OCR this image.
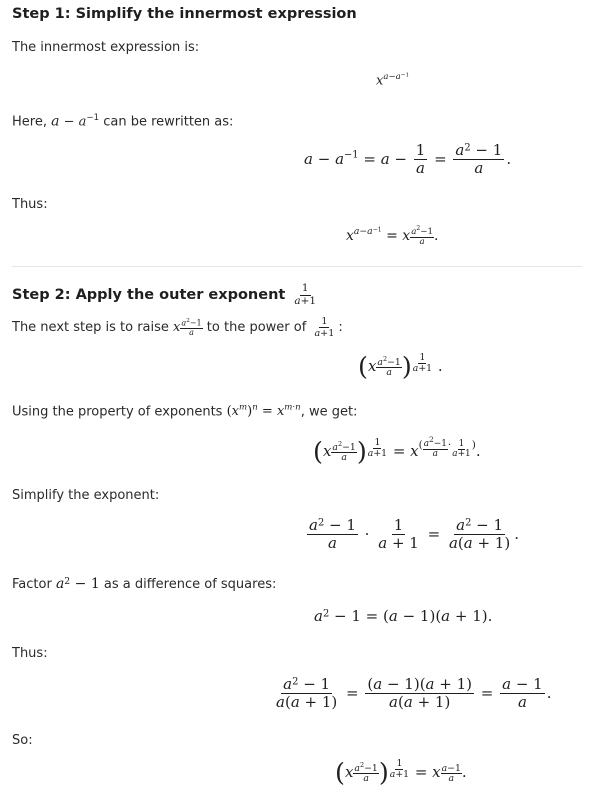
Step 1: Simplify the innermost expression
The innermost expression is:
$x^{a-a^{-1}}$
Here, $a - a^{-1}$ can be rewritten as:
$a - a^{-1} = a - \frac{1}{a} = \frac{a^2 - 1}{a}$ .
Thus:
$x^{a-a^{-1}} = x \frac{a^2-1}{a}$ .
Step 2: Apply the outer exponent $\frac{1}{a+1}$
The next step is to raise x $\frac{a^2-1}{a}$ to the power of $\frac{1}{a+1}$ :
($x \frac{a^2-1}{a}$ ) $\frac{1}{a+1}$ .
Using the property of exponents $(x^m)^n = x^{m\cdot n}$, we get:
($x \frac{a^2-1}{a}$ ) $\frac{1}{a+1} = x^{( \frac{a^2-1}{a} \cdot \frac{1}{a+1} )}$.
Simplify the exponent:
$\frac{a^2 - 1}{a} \cdot \frac{1}{a + 1} = \frac{a^2 - 1}{a(a + 1)}$ .
Factor $a^2 - 1$ as a difference of squares:
$a^2 - 1 = (a - 1)(a + 1)$.
Thus:
$\frac{a^2 - 1}{a(a + 1)} = \frac{(a - 1)(a + 1)}{a(a + 1)} = \frac{a - 1}{a}$ .
So:
($x \frac{a^2-1}{a}$ ) $\frac{1}{a+1} = x \frac{a-1}{a}$ .
